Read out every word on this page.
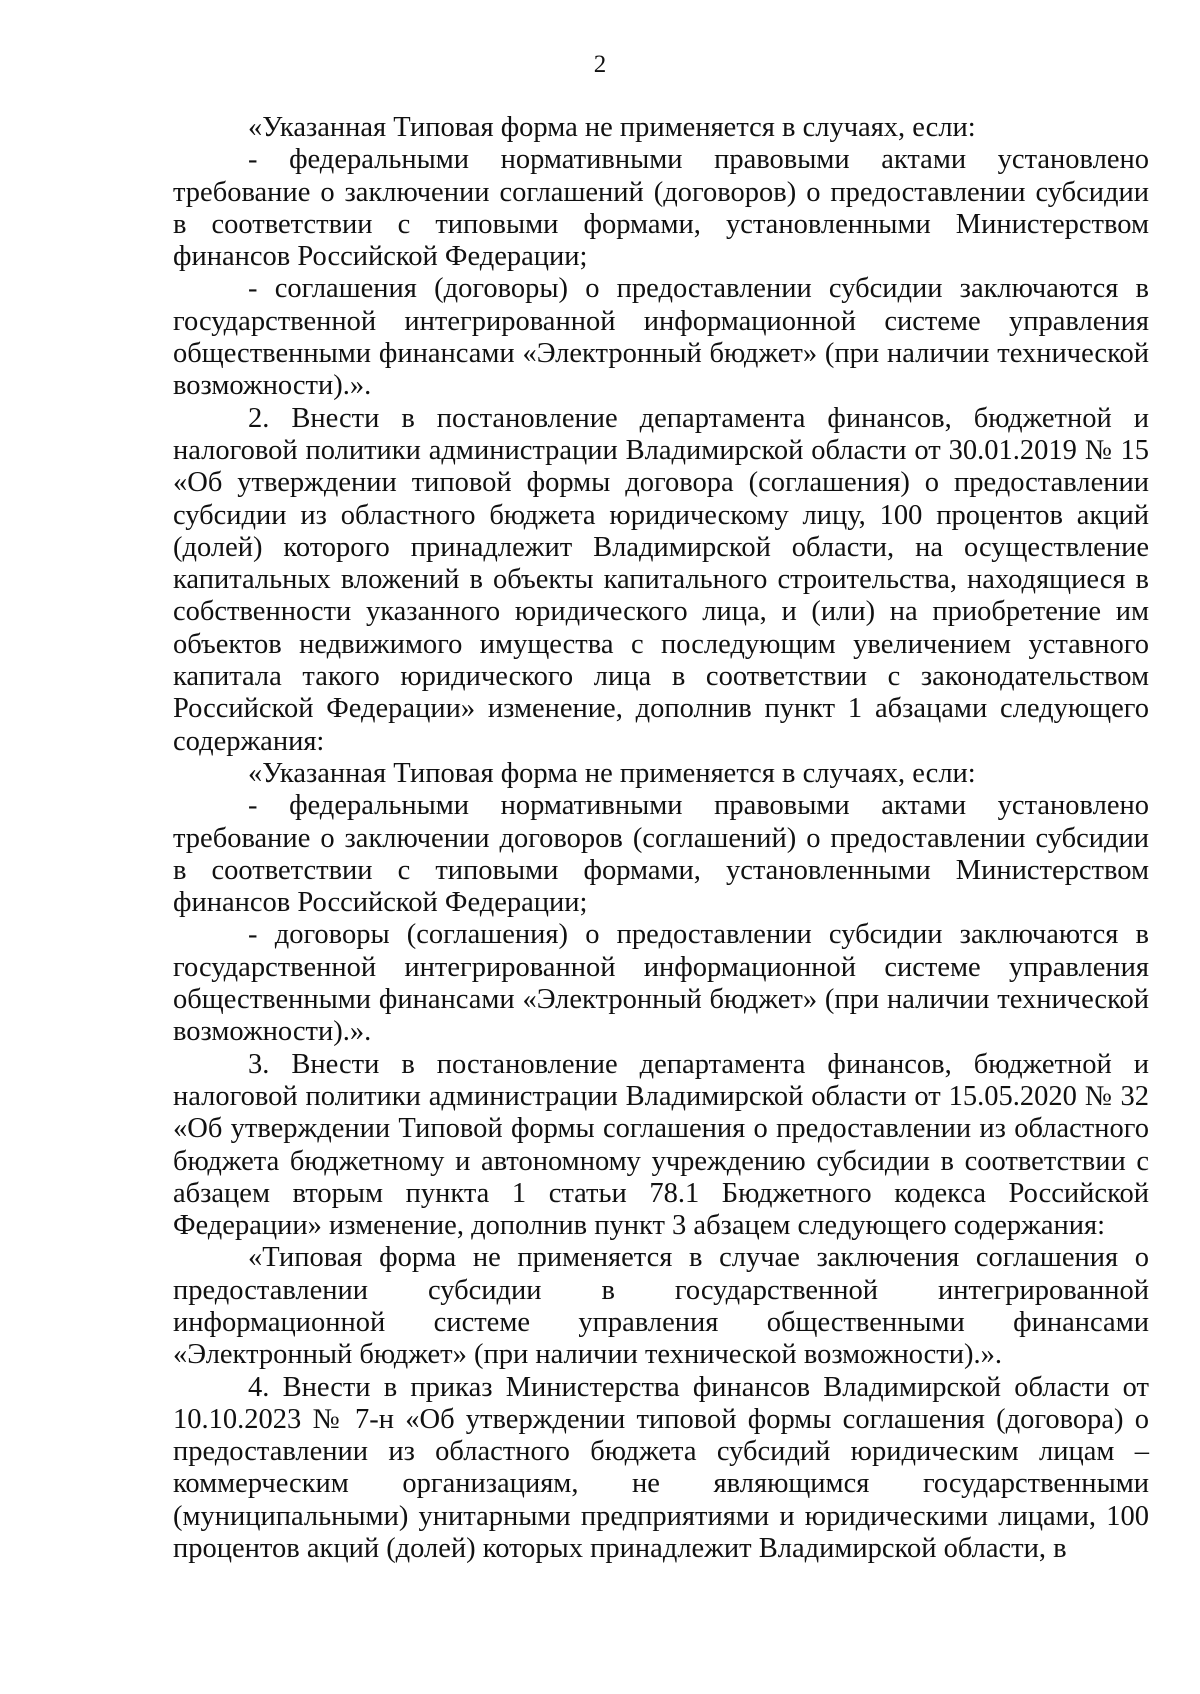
2

«Указанная Типовая форма не применяется в случаях, если:

- федеральными нормативными правовыми актами установлено требование о заключении соглашений (договоров) о предоставлении субсидии в соответствии с типовыми формами, установленными Министерством финансов Российской Федерации;

- соглашения (договоры) о предоставлении субсидии заключаются в государственной интегрированной информационной системе управления общественными финансами «Электронный бюджет» (при наличии технической возможности).».

2. Внести в постановление департамента финансов, бюджетной и налоговой политики администрации Владимирской области от 30.01.2019 № 15 «Об утверждении типовой формы договора (соглашения) о предоставлении субсидии из областного бюджета юридическому лицу, 100 процентов акций (долей) которого принадлежит Владимирской области, на осуществление капитальных вложений в объекты капитального строительства, находящиеся в собственности указанного юридического лица, и (или) на приобретение им объектов недвижимого имущества с последующим увеличением уставного капитала такого юридического лица в соответствии с законодательством Российской Федерации» изменение, дополнив пункт 1 абзацами следующего содержания:

«Указанная Типовая форма не применяется в случаях, если:

- федеральными нормативными правовыми актами установлено требование о заключении договоров (соглашений) о предоставлении субсидии в соответствии с типовыми формами, установленными Министерством финансов Российской Федерации;

- договоры (соглашения) о предоставлении субсидии заключаются в государственной интегрированной информационной системе управления общественными финансами «Электронный бюджет» (при наличии технической возможности).».

3. Внести в постановление департамента финансов, бюджетной и налоговой политики администрации Владимирской области от 15.05.2020 № 32 «Об утверждении Типовой формы соглашения о предоставлении из областного бюджета бюджетному и автономному учреждению субсидии в соответствии с абзацем вторым пункта 1 статьи 78.1 Бюджетного кодекса Российской Федерации» изменение, дополнив пункт 3 абзацем следующего содержания:

«Типовая форма не применяется в случае заключения соглашения о предоставлении субсидии в государственной интегрированной информационной системе управления общественными финансами «Электронный бюджет» (при наличии технической возможности).».

4. Внести в приказ Министерства финансов Владимирской области от 10.10.2023 № 7-н «Об утверждении типовой формы соглашения (договора) о предоставлении из областного бюджета субсидий юридическим лицам – коммерческим организациям, не являющимся государственными (муниципальными) унитарными предприятиями и юридическими лицами, 100 процентов акций (долей) которых принадлежит Владимирской области, в
